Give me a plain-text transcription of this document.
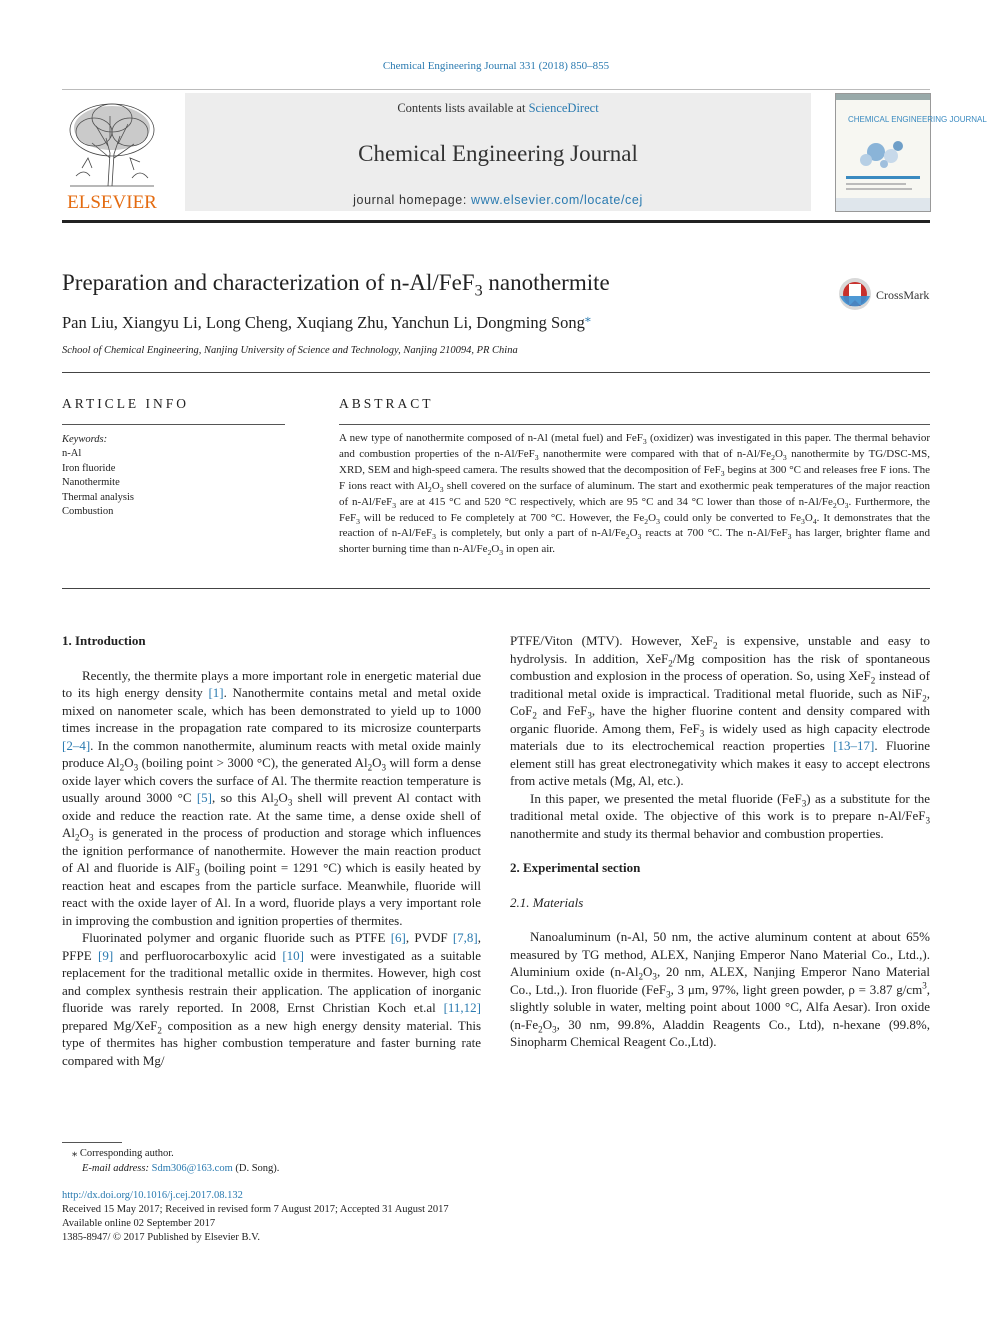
Chemical Engineering Journal 331 (2018) 850–855
ELSEVIER
Contents lists available at ScienceDirect
Chemical Engineering Journal
journal homepage: www.elsevier.com/locate/cej
CHEMICAL ENGINEERING JOURNAL
Preparation and characterization of n-Al/FeF$_3$ nanothermite	CrossMark
Pan Liu, Xiangyu Li, Long Cheng, Xuqiang Zhu, Yanchun Li, Dongming Song⁎
School of Chemical Engineering, Nanjing University of Science and Technology, Nanjing 210094, PR China
ARTICLE INFO	ABSTRACT
Keywords:
n-Al
Iron fluoride
Nanothermite
Thermal analysis
Combustion
A new type of nanothermite composed of n-Al (metal fuel) and FeF$_3$ (oxidizer) was investigated in this paper. The thermal behavior and combustion properties of the n-Al/FeF$_3$ nanothermite were compared with that of $n-Al/Fe_2O_3$ nanothermite by TG/DSC-MS, XRD, SEM and high-speed camera. The results showed that the decomposition of FeF$_3$ begins at 300 °C and releases free F ions. The F ions react with $Al_2O_3$ shell covered on the surface of aluminum. The start and exothermic peak temperatures of the major reaction of n-Al/FeF$_3$ are at 415 °C and 520 °C respectively, which are 95 °C and 34 °C lower than those of $n-Al/Fe_2O_3$. Furthermore, the FeF$_3$ will be reduced to Fe completely at 700 °C. However, the $Fe_2O_3$ could only be converted to $Fe_3O_4$. It demonstrates that the reaction of n-Al/FeF$_3$ is completely, but only a part of $n-Al/Fe_2O_3$ reacts at 700 °C. The n-Al/FeF$_3$ has larger, brighter flame and shorter burning time than $n-Al/Fe_2O_3$ in open air.
1. Introduction

Recently, the thermite plays a more important role in energetic material due to its high energy density [1]. Nanothermite contains metal and metal oxide mixed on nanometer scale, which has been demonstrated to yield up to 1000 times increase in the propagation rate compared to its microsize counterparts [2–4]. In the common nanothermite, aluminum reacts with metal oxide mainly produce $Al_2O_3$ (boiling point > 3000 °C), the generated $Al_2O_3$ will form a dense oxide layer which covers the surface of Al. The thermite reaction temperature is usually around 3000 °C [5], so this $Al_2O_3$ shell will prevent Al contact with oxide and reduce the reaction rate. At the same time, a dense oxide shell of $Al_2O_3$ is generated in the process of production and storage which influences the ignition performance of nanothermite. However the main reaction product of Al and fluoride is AlF$_3$ (boiling point = 1291 °C) which is easily heated by reaction heat and escapes from the particle surface. Meanwhile, fluoride will react with the oxide layer of Al. In a word, fluoride plays a very important role in improving the combustion and ignition properties of thermites.

Fluorinated polymer and organic fluoride such as PTFE [6], PVDF [7,8], PFPE [9] and perfluorocarboxylic acid [10] were investigated as a suitable replacement for the traditional metallic oxide in thermites. However, high cost and complex synthesis restrain their application. The application of inorganic fluoride was rarely reported. In 2008, Ernst Christian Koch et.al [11,12] prepared Mg/XeF$_2$ composition as a new high energy density material. This type of thermites has higher combustion temperature and faster burning rate compared with Mg/

PTFE/Viton (MTV). However, XeF$_2$ is expensive, unstable and easy to hydrolysis. In addition, XeF$_2$/Mg composition has the risk of spontaneous combustion and explosion in the process of operation. So, using XeF$_2$ instead of traditional metal oxide is impractical. Traditional metal fluoride, such as NiF$_2$, CoF$_2$ and FeF$_3$, have the higher fluorine content and density compared with organic fluoride. Among them, FeF$_3$ is widely used as high capacity electrode materials due to its electrochemical reaction properties [13–17]. Fluorine element still has great electronegativity which makes it easy to accept electrons from active metals (Mg, Al, etc.).

In this paper, we presented the metal fluoride (FeF$_3$) as a substitute for the traditional metal oxide. The objective of this work is to prepare n-Al/FeF$_3$ nanothermite and study its thermal behavior and combustion properties.

2. Experimental section
2.1. Materials

Nanoaluminum (n-Al, 50 nm, the active aluminum content at about 65% measured by TG method, ALEX, Nanjing Emperor Nano Material Co., Ltd.,). Aluminium oxide ($n-Al_2O_3$, 20 nm, ALEX, Nanjing Emperor Nano Material Co., Ltd.,). Iron fluoride (FeF$_3$, 3 μm, 97%, light green powder, ρ = 3.87 $g/cm^3$, slightly soluble in water, melting point about 1000 °C, Alfa Aesar). Iron oxide ($n-Fe_2O_3$, 30 nm, 99.8%, Aladdin Reagents Co., Ltd), n-hexane (99.8%, Sinopharm Chemical Reagent Co.,Ltd).

⁎ Corresponding author.
E-mail address: Sdm306@163.com (D. Song).
http://dx.doi.org/10.1016/j.cej.2017.08.132
Received 15 May 2017; Received in revised form 7 August 2017; Accepted 31 August 2017
Available online 02 September 2017
1385-8947/ © 2017 Published by Elsevier B.V.
